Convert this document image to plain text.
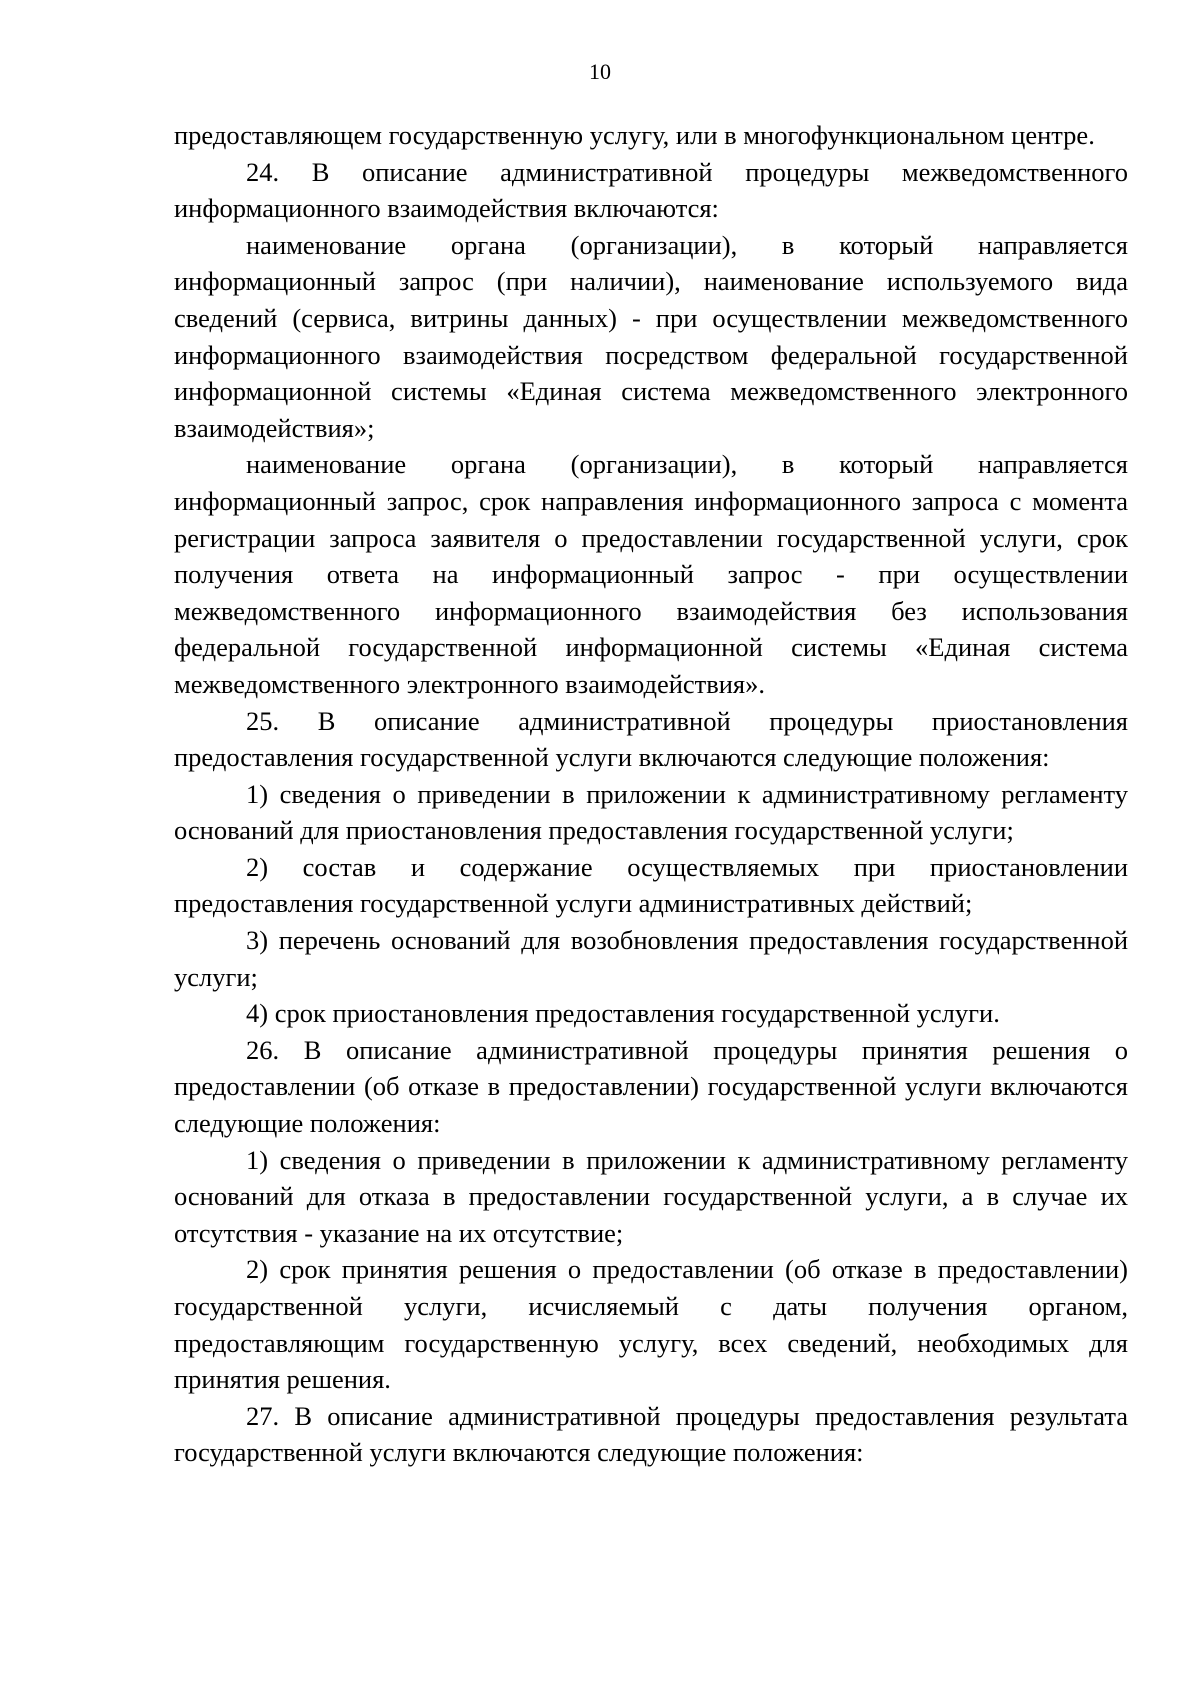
10

предоставляющем государственную услугу, или в многофункциональном центре.

24. В описание административной процедуры межведомственного информационного взаимодействия включаются:

наименование органа (организации), в который направляется информационный запрос (при наличии), наименование используемого вида сведений (сервиса, витрины данных) - при осуществлении межведомственного информационного взаимодействия посредством федеральной государственной информационной системы «Единая система межведомственного электронного взаимодействия»;

наименование органа (организации), в который направляется информационный запрос, срок направления информационного запроса с момента регистрации запроса заявителя о предоставлении государственной услуги, срок получения ответа на информационный запрос - при осуществлении межведомственного информационного взаимодействия без использования федеральной государственной информационной системы «Единая система межведомственного электронного взаимодействия».

25. В описание административной процедуры приостановления предоставления государственной услуги включаются следующие положения:

1) сведения о приведении в приложении к административному регламенту оснований для приостановления предоставления государственной услуги;

2) состав и содержание осуществляемых при приостановлении предоставления государственной услуги административных действий;

3) перечень оснований для возобновления предоставления государственной услуги;

4) срок приостановления предоставления государственной услуги.

26. В описание административной процедуры принятия решения о предоставлении (об отказе в предоставлении) государственной услуги включаются следующие положения:

1) сведения о приведении в приложении к административному регламенту оснований для отказа в предоставлении государственной услуги, а в случае их отсутствия - указание на их отсутствие;

2) срок принятия решения о предоставлении (об отказе в предоставлении) государственной услуги, исчисляемый с даты получения органом, предоставляющим государственную услугу, всех сведений, необходимых для принятия решения.

27. В описание административной процедуры предоставления результата государственной услуги включаются следующие положения:
